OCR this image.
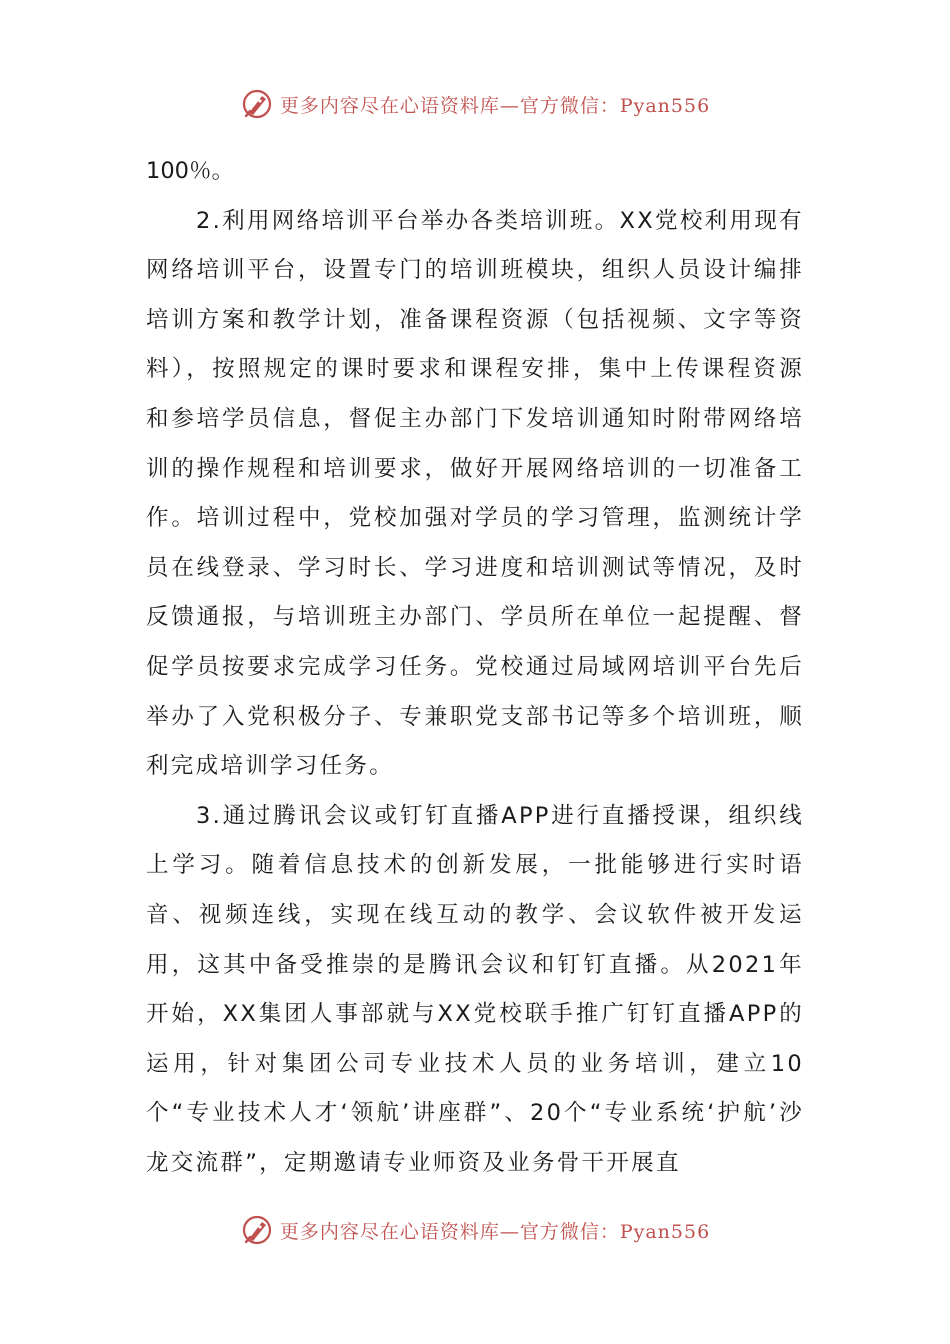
更多内容尽在心语资料库—官方微信：Pyan556

100％。

2.利用网络培训平台举办各类培训班。XX党校利用现有网络培训平台，设置专门的培训班模块，组织人员设计编排培训方案和教学计划，准备课程资源（包括视频、文字等资料），按照规定的课时要求和课程安排，集中上传课程资源和参培学员信息，督促主办部门下发培训通知时附带网络培训的操作规程和培训要求，做好开展网络培训的一切准备工作。培训过程中，党校加强对学员的学习管理，监测统计学员在线登录、学习时长、学习进度和培训测试等情况，及时反馈通报，与培训班主办部门、学员所在单位一起提醒、督促学员按要求完成学习任务。党校通过局域网培训平台先后举办了入党积极分子、专兼职党支部书记等多个培训班，顺利完成培训学习任务。

3.通过腾讯会议或钉钉直播APP进行直播授课，组织线上学习。随着信息技术的创新发展，一批能够进行实时语音、视频连线，实现在线互动的教学、会议软件被开发运用，这其中备受推崇的是腾讯会议和钉钉直播。从2021年开始，XX集团人事部就与XX党校联手推广钉钉直播APP的运用，针对集团公司专业技术人员的业务培训，建立10个“专业技术人才‘领航’讲座群”、20个“专业系统‘护航’沙龙交流群”，定期邀请专业师资及业务骨干开展直

更多内容尽在心语资料库—官方微信：Pyan556
